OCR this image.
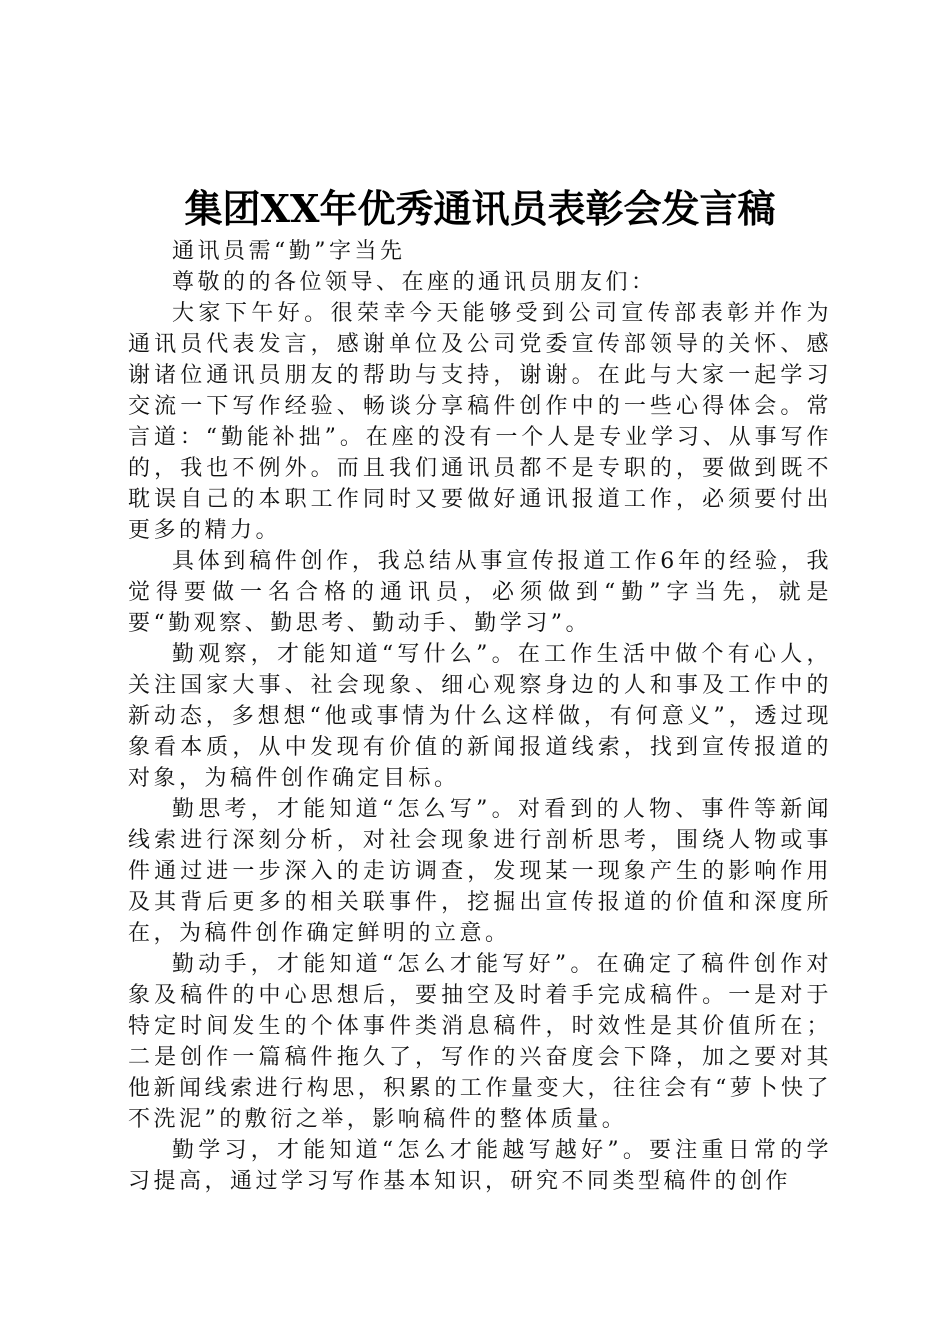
集团XX年优秀通讯员表彰会发言稿

通讯员需“勤”字当先

尊敬的的各位领导、在座的通讯员朋友们：

大家下午好。很荣幸今天能够受到公司宣传部表彰并作为通讯员代表发言，感谢单位及公司党委宣传部领导的关怀、感谢诸位通讯员朋友的帮助与支持，谢谢。在此与大家一起学习交流一下写作经验、畅谈分享稿件创作中的一些心得体会。常言道：“勤能补拙”。在座的没有一个人是专业学习、从事写作的，我也不例外。而且我们通讯员都不是专职的，要做到既不耽误自己的本职工作同时又要做好通讯报道工作，必须要付出更多的精力。

具体到稿件创作，我总结从事宣传报道工作6年的经验，我觉得要做一名合格的通讯员，必须做到“勤”字当先，就是要“勤观察、勤思考、勤动手、勤学习”。

勤观察，才能知道“写什么”。在工作生活中做个有心人，关注国家大事、社会现象、细心观察身边的人和事及工作中的新动态，多想想“他或事情为什么这样做，有何意义”，透过现象看本质，从中发现有价值的新闻报道线索，找到宣传报道的对象，为稿件创作确定目标。

勤思考，才能知道“怎么写”。对看到的人物、事件等新闻线索进行深刻分析，对社会现象进行剖析思考，围绕人物或事件通过进一步深入的走访调查，发现某一现象产生的影响作用及其背后更多的相关联事件，挖掘出宣传报道的价值和深度所在，为稿件创作确定鲜明的立意。

勤动手，才能知道“怎么才能写好”。在确定了稿件创作对象及稿件的中心思想后，要抽空及时着手完成稿件。一是对于特定时间发生的个体事件类消息稿件，时效性是其价值所在；二是创作一篇稿件拖久了，写作的兴奋度会下降，加之要对其他新闻线索进行构思，积累的工作量变大，往往会有“萝卜快了不洗泥”的敷衍之举，影响稿件的整体质量。

勤学习，才能知道“怎么才能越写越好”。要注重日常的学习提高，通过学习写作基本知识，研究不同类型稿件的创作
